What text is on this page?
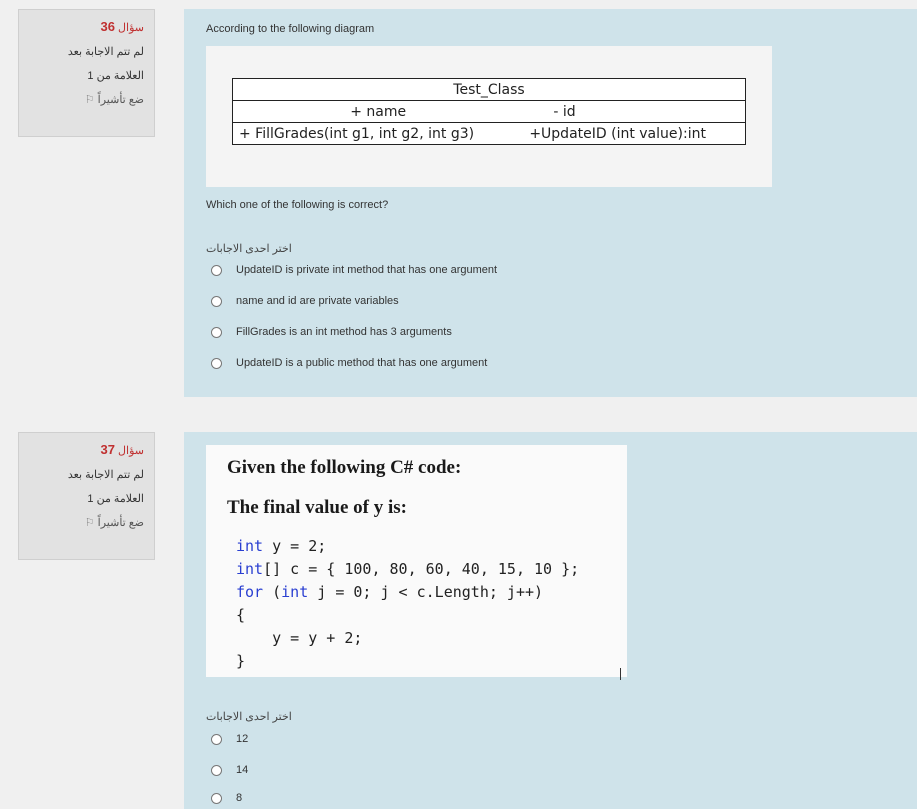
سؤال 36
لم تتم الاجابة بعد
العلامة من 1
ضع تأشيراً ⚐
According to the following diagram
Test_Class	
+ name	- id
+ FillGrades(int g1, int g2, int g3)	+UpdateID (int value):int
Which one of the following is correct?
اختر احدى الاجابات
UpdateID is private int method that has one argument
name and id are private variables
FillGrades is an int method has 3 arguments
UpdateID is a public method that has one argument
سؤال 37
لم تتم الاجابة بعد
العلامة من 1
ضع تأشيراً ⚐
Given the following C# code:
The final value of y is:
int y = 2;
int[] c = { 100, 80, 60, 40, 15, 10 };
for (int j = 0; j < c.Length; j++)
{
y = y + 2;
}
اختر احدى الاجابات
12
14
8
